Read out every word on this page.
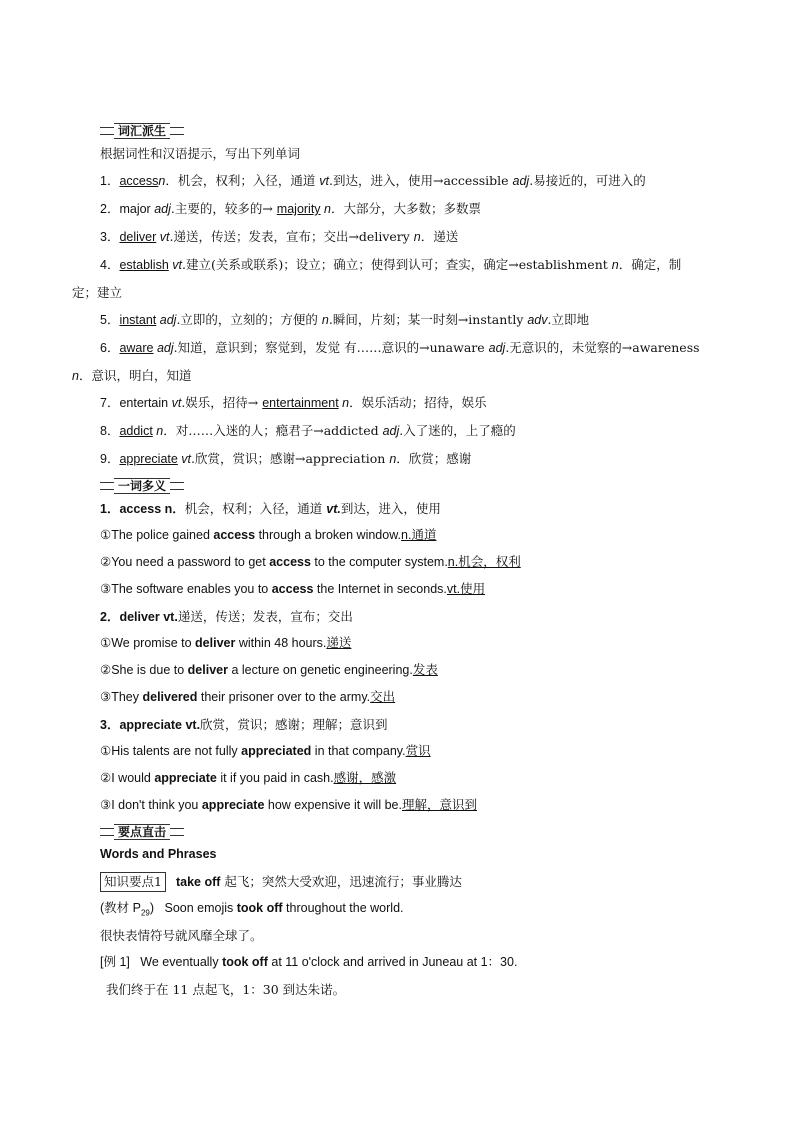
词汇派生
根据词性和汉语提示，写出下列单词
1．accessn．机会，权利；入径，通道 vt.到达，进入，使用→accessible adj.易接近的，可进入的
2．major adj.主要的，较多的→ majority n．大部分，大多数；多数票
3．deliver vt.递送，传送；发表，宣布；交出→delivery n．递送
4．establish vt.建立(关系或联系)；设立；确立；使得到认可；查实，确定→establishment n．确定，制
定；建立
5．instant adj.立即的，立刻的；方便的 n.瞬间，片刻；某一时刻→instantly adv.立即地
6．aware adj.知道，意识到；察觉到，发觉 有……意识的→unaware adj.无意识的，未觉察的→awareness
n．意识，明白，知道
7．entertain vt.娱乐，招待→ entertainment n．娱乐活动；招待，娱乐
8．addict n．对……入迷的人；瘾君子→addicted adj.入了迷的，上了瘾的
9．appreciate vt.欣赏，赏识；感谢→appreciation n．欣赏；感谢
一词多义
1．access n．机会，权利；入径，通道 vt.到达，进入，使用
①The police gained access through a broken window.n.通道
②You need a password to get access to the computer system.n.机会，权利
③The software enables you to access the Internet in seconds.vt.使用
2．deliver vt.递送，传送；发表，宣布；交出
①We promise to deliver within 48 hours.递送
②She is due to deliver a lecture on genetic engineering.发表
③They delivered their prisoner over to the army.交出
3．appreciate vt.欣赏，赏识；感谢；理解；意识到
①His talents are not fully appreciated in that company.赏识
②I would appreciate it if you paid in cash.感谢，感激
③I don't think you appreciate how expensive it will be.理解，意识到
要点直击
Words and Phrases
知识要点1 take off 起飞；突然大受欢迎，迅速流行；事业腾达
(教材 $P_{29}$) Soon emojis took off throughout the world.
很快表情符号就风靡全球了。
[例 1] We eventually took off at 11 o'clock and arrived in Juneau at 1：30.
我们终于在 11 点起飞，1：30 到达朱诺。
